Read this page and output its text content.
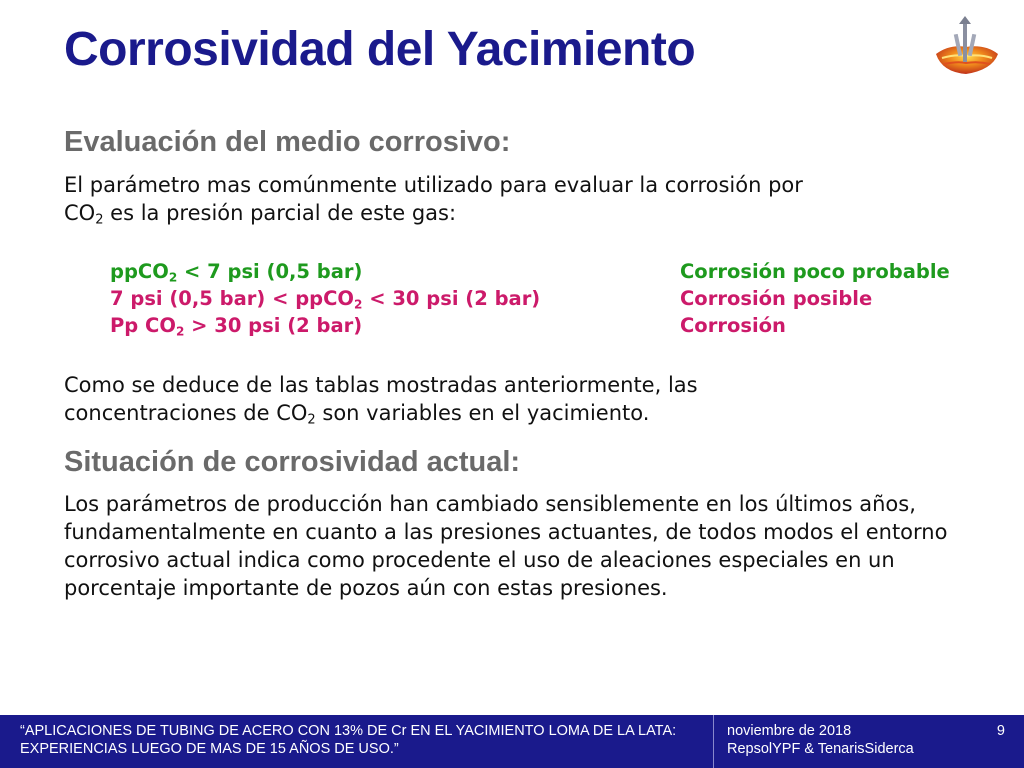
Corrosividad del Yacimiento
Evaluación del medio corrosivo:
El parámetro mas comúnmente utilizado para evaluar la corrosión por
$CO_2$ es la presión parcial de este gas:
ppCO$_2$ < 7 psi (0,5 bar)	Corrosión poco probable
7 psi (0,5 bar) < ppCO$_2$ < 30 psi (2 bar)	Corrosión posible
Pp $CO_2 > 30$ psi (2 bar)	Corrosión
Como se deduce de las tablas mostradas anteriormente, las
concentraciones de $CO_2$ son variables en el yacimiento.
Situación de corrosividad actual:
Los parámetros de producción han cambiado sensiblemente en los últimos años, fundamentalmente en cuanto a las presiones actuantes, de todos modos el entorno corrosivo actual indica como procedente el uso de aleaciones especiales en un porcentaje importante de pozos aún con estas presiones.
“APLICACIONES DE TUBING DE ACERO CON 13% DE Cr EN EL YACIMIENTO LOMA DE LA LATA: EXPERIENCIAS LUEGO DE MAS DE 15 AÑOS DE USO.”
noviembre de 2018
RepsolYPF & TenarisSiderca
9
